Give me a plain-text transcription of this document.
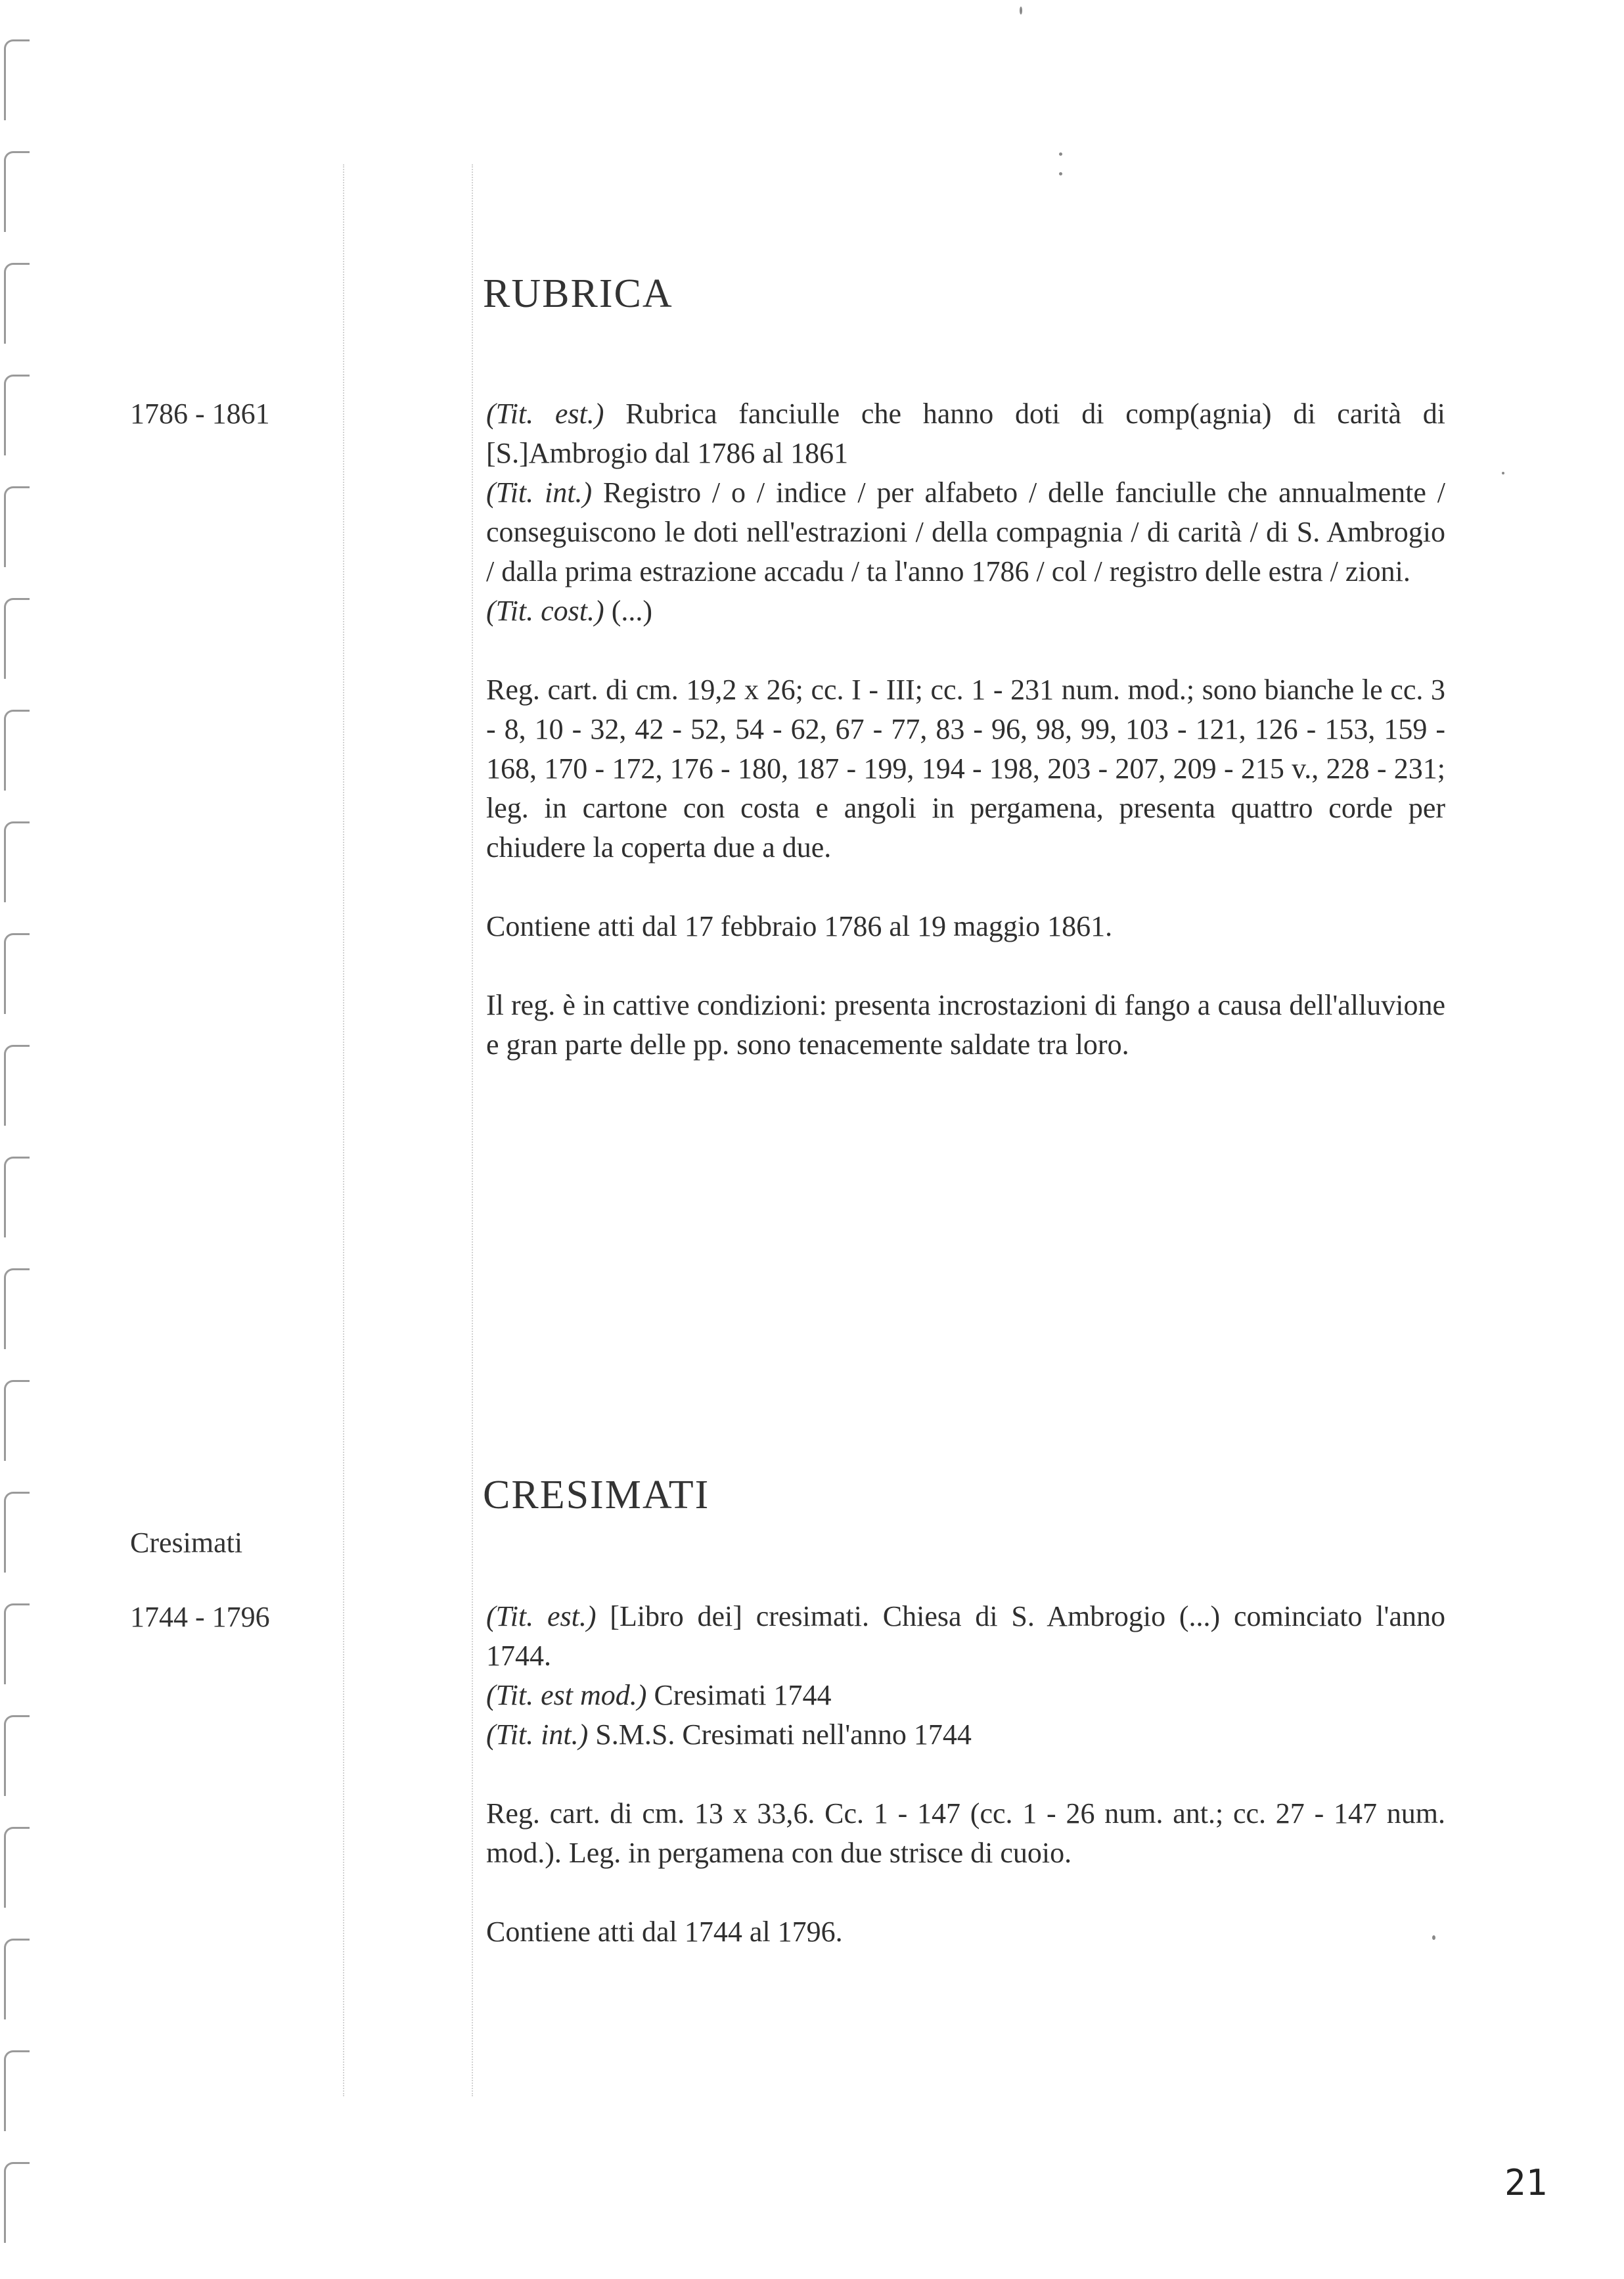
RUBRICA
1786 - 1861	(Tit. est.) Rubrica fanciulle che hanno doti di comp(agnia) di carità di [S.]Ambrogio dal 1786 al 1861

(Tit. int.) Registro / o / indice / per alfabeto / delle fanciulle che annualmente / conseguiscono le doti nell'estrazioni / della compagnia / di carità / di S. Ambrogio / dalla prima estrazione accadu / ta l'anno 1786 / col / registro delle estra / zioni.

(Tit. cost.) (...)

Reg. cart. di cm. 19,2 x 26; cc. I - III; cc. 1 - 231 num. mod.; sono bianche le cc. 3 - 8, 10 - 32, 42 - 52, 54 - 62, 67 - 77, 83 - 96, 98, 99, 103 - 121, 126 - 153, 159 - 168, 170 - 172, 176 - 180, 187 - 199, 194 - 198, 203 - 207, 209 - 215 v., 228 - 231; leg. in cartone con costa e angoli in pergamena, presenta quattro corde per chiudere la coperta due a due.

Contiene atti dal 17 febbraio 1786 al 19 maggio 1861.

Il reg. è in cattive condizioni: presenta incrostazioni di fango a causa dell'alluvione e gran parte delle pp. sono tenacemente saldate tra loro.

CRESIMATI
Cresimati
1744 - 1796	(Tit. est.) [Libro dei] cresimati. Chiesa di S. Ambrogio (...) cominciato l'anno 1744.

(Tit. est mod.) Cresimati 1744

(Tit. int.) S.M.S. Cresimati nell'anno 1744

Reg. cart. di cm. 13 x 33,6. Cc. 1 - 147 (cc. 1 - 26 num. ant.; cc. 27 - 147 num. mod.). Leg. in pergamena con due strisce di cuoio.

Contiene atti dal 1744 al 1796.

21
